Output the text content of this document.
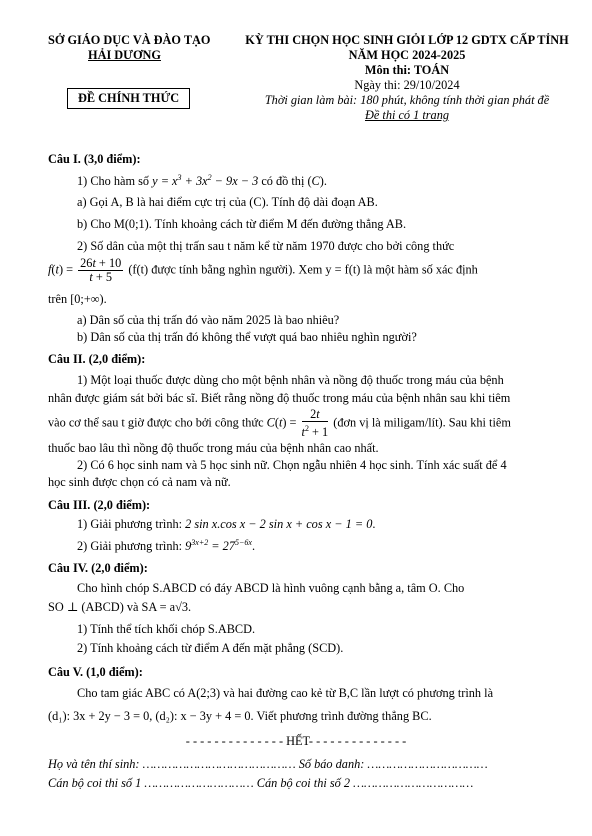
SỞ GIÁO DỤC VÀ ĐÀO TẠO
HẢI DƯƠNG
KỲ THI CHỌN HỌC SINH GIỎI LỚP 12 GDTX CẤP TỈNH
NĂM HỌC 2024-2025
Môn thi: TOÁN
Ngày thi: 29/10/2024
Thời gian làm bài: 180 phút, không tính thời gian phát đề
Đề thi có 1 trang
ĐỀ CHÍNH THỨC
Câu I. (3,0 điểm):
1) Cho hàm số $y = x^3 + 3x^2 - 9x - 3$ có đồ thị (C).
a) Gọi A, B là hai điểm cực trị của (C). Tính độ dài đoạn AB.
b) Cho M(0;1). Tính khoảng cách từ điểm M đến đường thẳng AB.
2) Số dân của một thị trấn sau t năm kể từ năm 1970 được cho bởi công thức
$f(t) = \frac{26t + 10}{t + 5} (f(t)$ được tính bằng nghìn người). Xem y = f(t) là một hàm số xác định
trên [0;+∞).
a) Dân số của thị trấn đó vào năm 2025 là bao nhiêu?
b) Dân số của thị trấn đó không thể vượt quá bao nhiêu nghìn người?
Câu II. (2,0 điểm):
1) Một loại thuốc được dùng cho một bệnh nhân và nồng độ thuốc trong máu của bệnh
nhân được giám sát bởi bác sĩ. Biết rằng nồng độ thuốc trong máu của bệnh nhân sau khi tiêm
vào cơ thể sau t giờ được cho bởi công thức $C(t) = \frac{2t}{t^2 + 1}$ (đơn vị là miligam/lít). Sau khi tiêm
thuốc bao lâu thì nồng độ thuốc trong máu của bệnh nhân cao nhất.
2) Có 6 học sinh nam và 5 học sinh nữ. Chọn ngẫu nhiên 4 học sinh. Tính xác suất để 4
học sinh được chọn có cả nam và nữ.
Câu III. (2,0 điểm):
1) Giải phương trình: 2 sin x.cos x − 2 sin x + cos x − 1 = 0.
2) Giải phương trình: $9^{3x+2} = 27^{5-6x}$.
Câu IV. (2,0 điểm):
Cho hình chóp S.ABCD có đáy ABCD là hình vuông cạnh bằng a, tâm O. Cho
SO ⊥ (ABCD) và SA = a√3.
1) Tính thể tích khối chóp S.ABCD.
2) Tính khoảng cách từ điểm A đến mặt phẳng (SCD).
Câu V. (1,0 điểm):
Cho tam giác ABC có A(2;3) và hai đường cao kẻ từ B,C lần lượt có phương trình là
(d₁): 3x + 2y − 3 = 0, (d₂): x − 3y + 4 = 0. Viết phương trình đường thẳng BC.
- - - - - - - - - - - - - - HẾT- - - - - - - - - - - - - -
Họ và tên thí sinh: …………………………………… Số báo danh: ……………………………
Cán bộ coi thi số 1 ………………………… Cán bộ coi thi số 2 ……………………………
